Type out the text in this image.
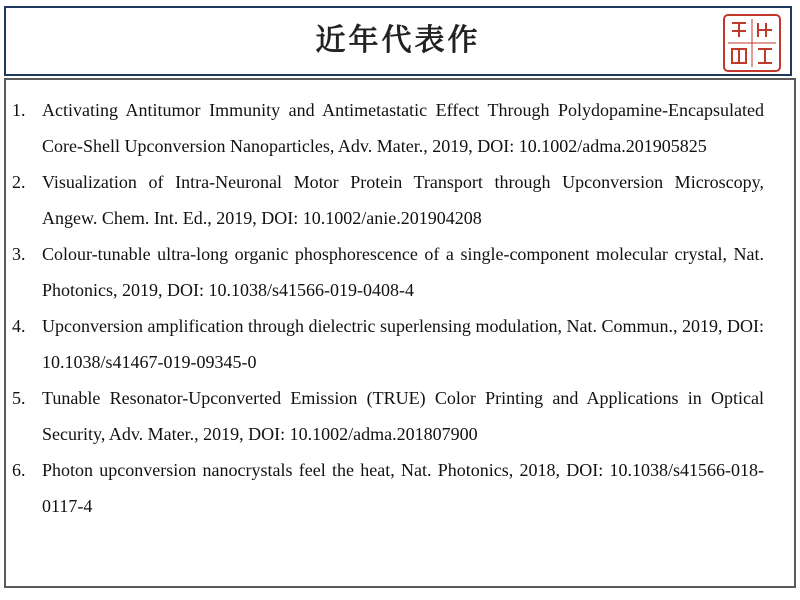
近年代表作
1. Activating Antitumor Immunity and Antimetastatic Effect Through Polydopamine-Encapsulated Core-Shell Upconversion Nanoparticles, Adv. Mater., 2019, DOI: 10.1002/adma.201905825
2. Visualization of Intra-Neuronal Motor Protein Transport through Upconversion Microscopy, Angew. Chem. Int. Ed., 2019, DOI: 10.1002/anie.201904208
3. Colour-tunable ultra-long organic phosphorescence of a single-component molecular crystal, Nat. Photonics, 2019, DOI: 10.1038/s41566-019-0408-4
4. Upconversion amplification through dielectric superlensing modulation, Nat. Commun., 2019, DOI: 10.1038/s41467-019-09345-0
5. Tunable Resonator-Upconverted Emission (TRUE) Color Printing and Applications in Optical Security, Adv. Mater., 2019, DOI: 10.1002/adma.201807900
6. Photon upconversion nanocrystals feel the heat, Nat. Photonics, 2018, DOI: 10.1038/s41566-018-0117-4
